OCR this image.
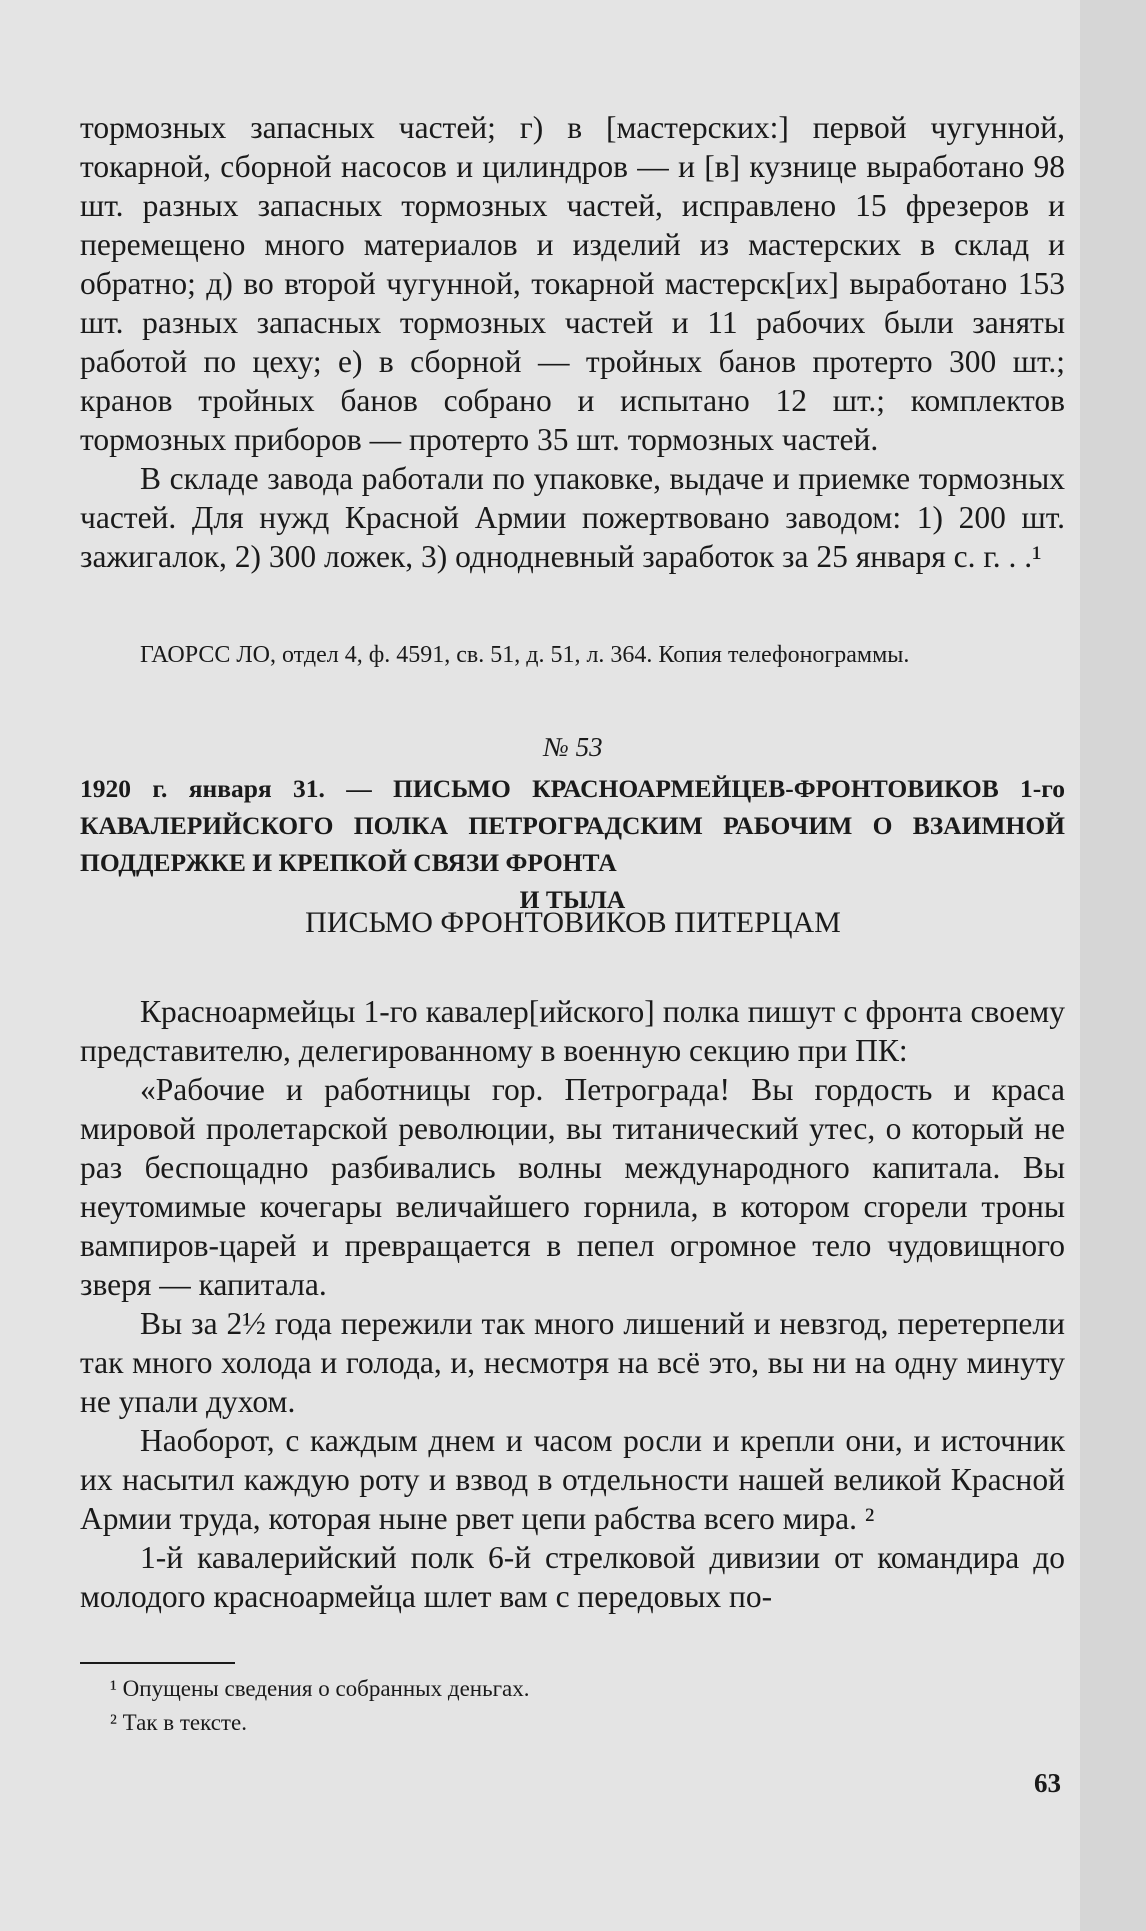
тормозных запасных частей; г) в [мастерских:] первой чугунной, токарной, сборной насосов и цилиндров — и [в] кузнице выработано 98 шт. разных запасных тормозных частей, исправлено 15 фрезеров и перемещено много материалов и изделий из мастерских в склад и обратно; д) во второй чугунной, токарной мастерск[их] выработано 153 шт. разных запасных тормозных частей и 11 рабочих были заняты работой по цеху; е) в сборной — тройных банов протерто 300 шт.; кранов тройных банов собрано и испытано 12 шт.; комплектов тормозных приборов — протерто 35 шт. тормозных частей.

В складе завода работали по упаковке, выдаче и приемке тормозных частей. Для нужд Красной Армии пожертвовано заводом: 1) 200 шт. зажигалок, 2) 300 ложек, 3) однодневный заработок за 25 января с. г. . .¹

ГАОРСС ЛО, отдел 4, ф. 4591, св. 51, д. 51, л. 364. Копия телефонограммы.

№ 53

1920 г. января 31. — ПИСЬМО КРАСНОАРМЕЙЦЕВ-ФРОНТОВИКОВ 1-го КАВАЛЕРИЙСКОГО ПОЛКА ПЕТРОГРАДСКИМ РАБОЧИМ О ВЗАИМНОЙ ПОДДЕРЖКЕ И КРЕПКОЙ СВЯЗИ ФРОНТА
И ТЫЛА

ПИСЬМО ФРОНТОВИКОВ ПИТЕРЦАМ

Красноармейцы 1-го кавалер[ийского] полка пишут с фронта своему представителю, делегированному в военную секцию при ПК:

«Рабочие и работницы гор. Петрограда! Вы гордость и краса мировой пролетарской революции, вы титанический утес, о который не раз беспощадно разбивались волны международного капитала. Вы неутомимые кочегары величайшего горнила, в котором сгорели троны вампиров-царей и превращается в пепел огромное тело чудовищного зверя — капитала.

Вы за 2½ года пережили так много лишений и невзгод, перетерпели так много холода и голода, и, несмотря на всё это, вы ни на одну минуту не упали духом.

Наоборот, с каждым днем и часом росли и крепли они, и источник их насытил каждую роту и взвод в отдельности нашей великой Красной Армии труда, которая ныне рвет цепи рабства всего мира. ²

1-й кавалерийский полк 6-й стрелковой дивизии от командира до молодого красноармейца шлет вам с передовых по-

¹ Опущены сведения о собранных деньгах.

² Так в тексте.

63
